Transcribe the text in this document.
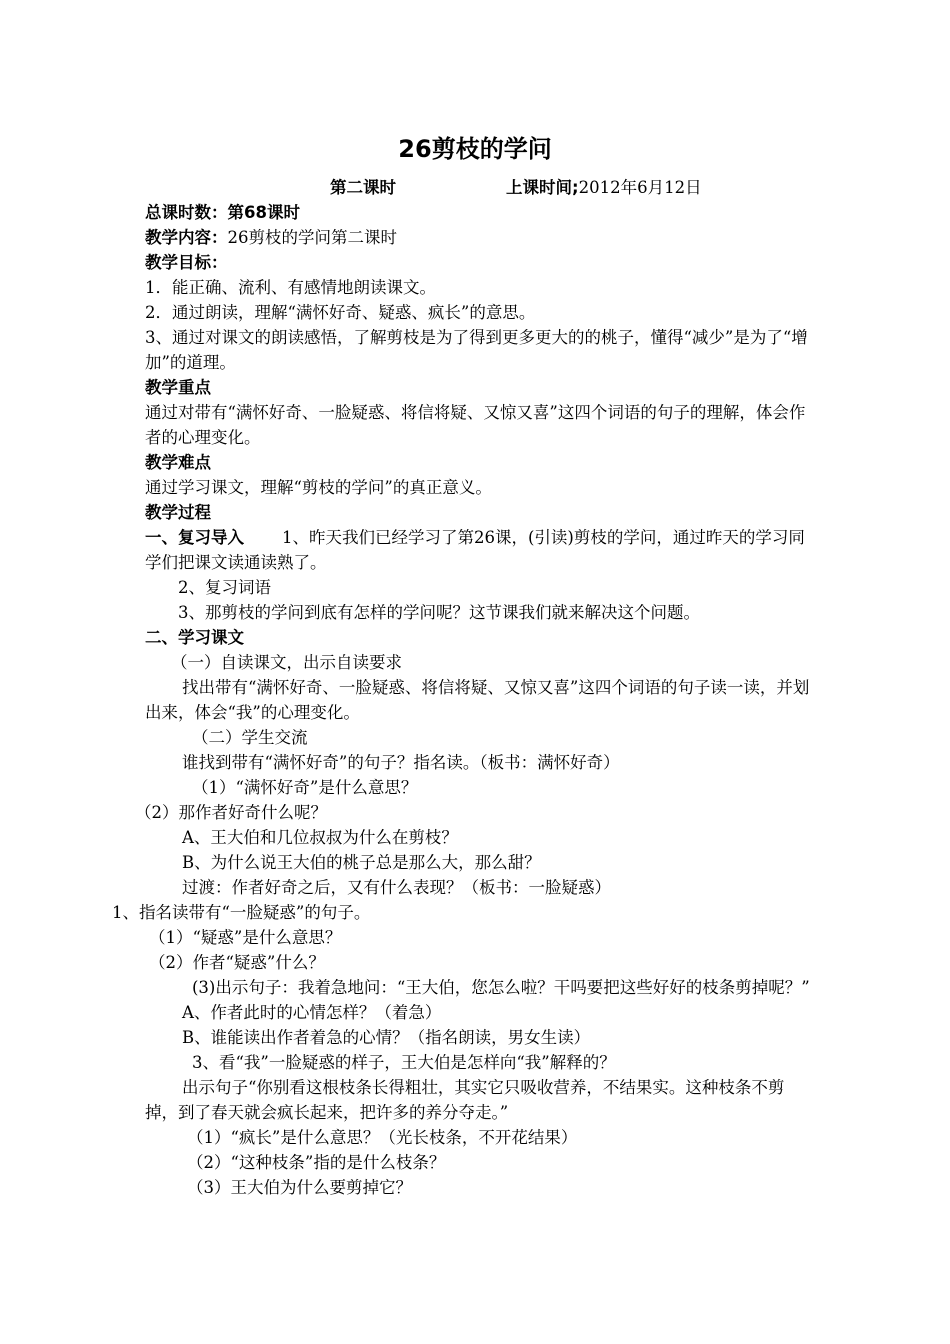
26剪枝的学问
第二课时	上课时间;2012年6月12日
总课时数：第68课时
教学内容：26剪枝的学问第二课时
教学目标：
1．能正确、流利、有感情地朗读课文。
2．通过朗读，理解“满怀好奇、疑惑、疯长”的意思。
3、通过对课文的朗读感悟，了解剪枝是为了得到更多更大的的桃子，懂得“减少”是为了“增加”的道理。
教学重点
通过对带有“满怀好奇、一脸疑惑、将信将疑、又惊又喜”这四个词语的句子的理解，体会作者的心理变化。
教学难点
通过学习课文，理解“剪枝的学问”的真正意义。
教学过程
一、复习导入 1、昨天我们已经学习了第26课，(引读)剪枝的学问，通过昨天的学习同学们把课文读通读熟了。
2、复习词语
3、那剪枝的学问到底有怎样的学问呢？这节课我们就来解决这个问题。
二、学习课文
（一）自读课文，出示自读要求
找出带有“满怀好奇、一脸疑惑、将信将疑、又惊又喜”这四个词语的句子读一读，并划出来，体会“我”的心理变化。
（二）学生交流
谁找到带有“满怀好奇”的句子？指名读。（板书：满怀好奇）
（1）“满怀好奇”是什么意思？
（2）那作者好奇什么呢？
A、王大伯和几位叔叔为什么在剪枝？
B、为什么说王大伯的桃子总是那么大，那么甜？
过渡：作者好奇之后，又有什么表现？（板书：一脸疑惑）
1、指名读带有“一脸疑惑”的句子。
（1）“疑惑”是什么意思？
（2）作者“疑惑”什么？
(3)出示句子：我着急地问：“王大伯，您怎么啦？干吗要把这些好好的枝条剪掉呢？”
A、作者此时的心情怎样？（着急）
B、谁能读出作者着急的心情？（指名朗读，男女生读）
3、看“我”一脸疑惑的样子，王大伯是怎样向“我”解释的？
出示句子“你别看这根枝条长得粗壮，其实它只吸收营养，不结果实。这种枝条不剪掉，到了春天就会疯长起来，把许多的养分夺走。”
（1）“疯长”是什么意思？（光长枝条，不开花结果）
（2）“这种枝条”指的是什么枝条？
（3）王大伯为什么要剪掉它？
